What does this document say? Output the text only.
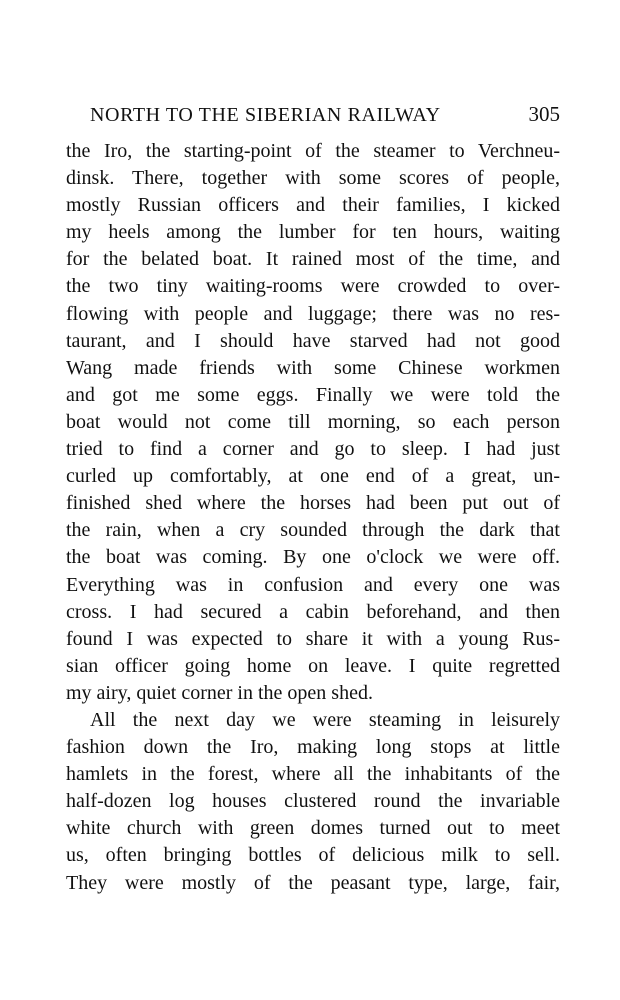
NORTH TO THE SIBERIAN RAILWAY	305
the Iro, the starting-point of the steamer to Verchneu-
dinsk. There, together with some scores of people,
mostly Russian officers and their families, I kicked
my heels among the lumber for ten hours, waiting
for the belated boat. It rained most of the time, and
the two tiny waiting-rooms were crowded to over-
flowing with people and luggage; there was no res-
taurant, and I should have starved had not good
Wang made friends with some Chinese workmen
and got me some eggs. Finally we were told the
boat would not come till morning, so each person
tried to find a corner and go to sleep. I had just
curled up comfortably, at one end of a great, un-
finished shed where the horses had been put out of
the rain, when a cry sounded through the dark that
the boat was coming. By one o'clock we were off.
Everything was in confusion and every one was
cross. I had secured a cabin beforehand, and then
found I was expected to share it with a young Rus-
sian officer going home on leave. I quite regretted
my airy, quiet corner in the open shed.
All the next day we were steaming in leisurely
fashion down the Iro, making long stops at little
hamlets in the forest, where all the inhabitants of the
half-dozen log houses clustered round the invariable
white church with green domes turned out to meet
us, often bringing bottles of delicious milk to sell.
They were mostly of the peasant type, large, fair,
